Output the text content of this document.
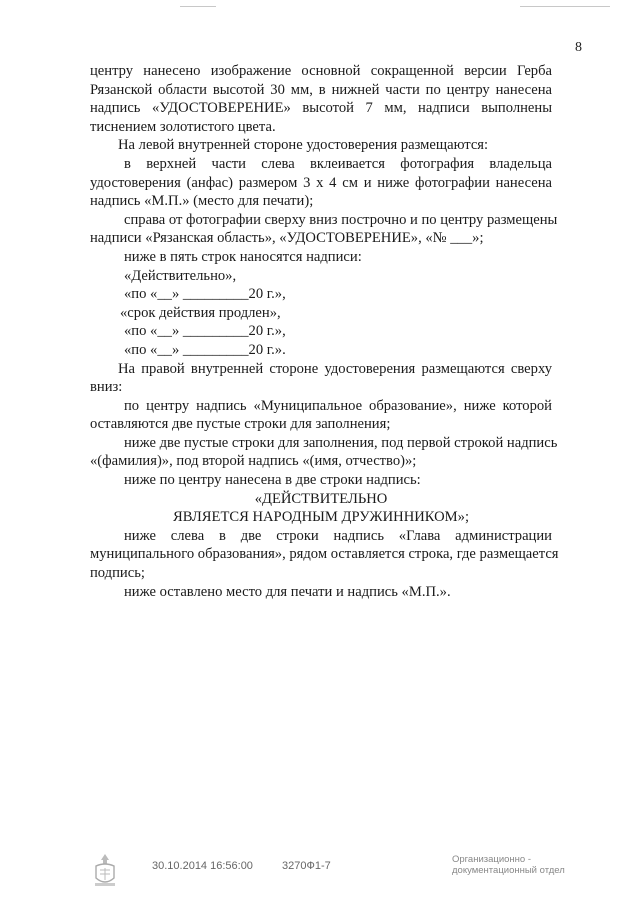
8
центру нанесено изображение основной сокращенной версии Герба
Рязанской области высотой 30 мм, в нижней части по центру нанесена
надпись «УДОСТОВЕРЕНИЕ» высотой 7 мм, надписи выполнены
тиснением золотистого цвета.
На левой внутренней стороне удостоверения размещаются:
в верхней части слева вклеивается фотография владельца
удостоверения (анфас) размером 3 х 4 см и ниже фотографии нанесена
надпись «М.П.» (место для печати);
справа от фотографии сверху вниз построчно и по центру размещены
надписи «Рязанская область», «УДОСТОВЕРЕНИЕ», «№ ___»;
ниже в пять строк наносятся надписи:
«Действительно»,
«по «__» _________20 г.»,
«срок действия продлен»,
«по «__» _________20 г.»,
«по «__» _________20 г.».
На правой внутренней стороне удостоверения размещаются сверху
вниз:
по центру надпись «Муниципальное образование», ниже которой
оставляются две пустые строки для заполнения;
ниже две пустые строки для заполнения, под первой строкой надпись
«(фамилия)», под второй надпись «(имя, отчество)»;
ниже по центру нанесена в две строки надпись:
«ДЕЙСТВИТЕЛЬНО
ЯВЛЯЕТСЯ НАРОДНЫМ ДРУЖИННИКОМ»;
ниже слева в две строки надпись «Глава администрации
муниципального образования», рядом оставляется строка, где размещается
подпись;
ниже оставлено место для печати и надпись «М.П.».
30.10.2014 16:56:00	3270Ф1-7
Организационно -
документационный отдел
